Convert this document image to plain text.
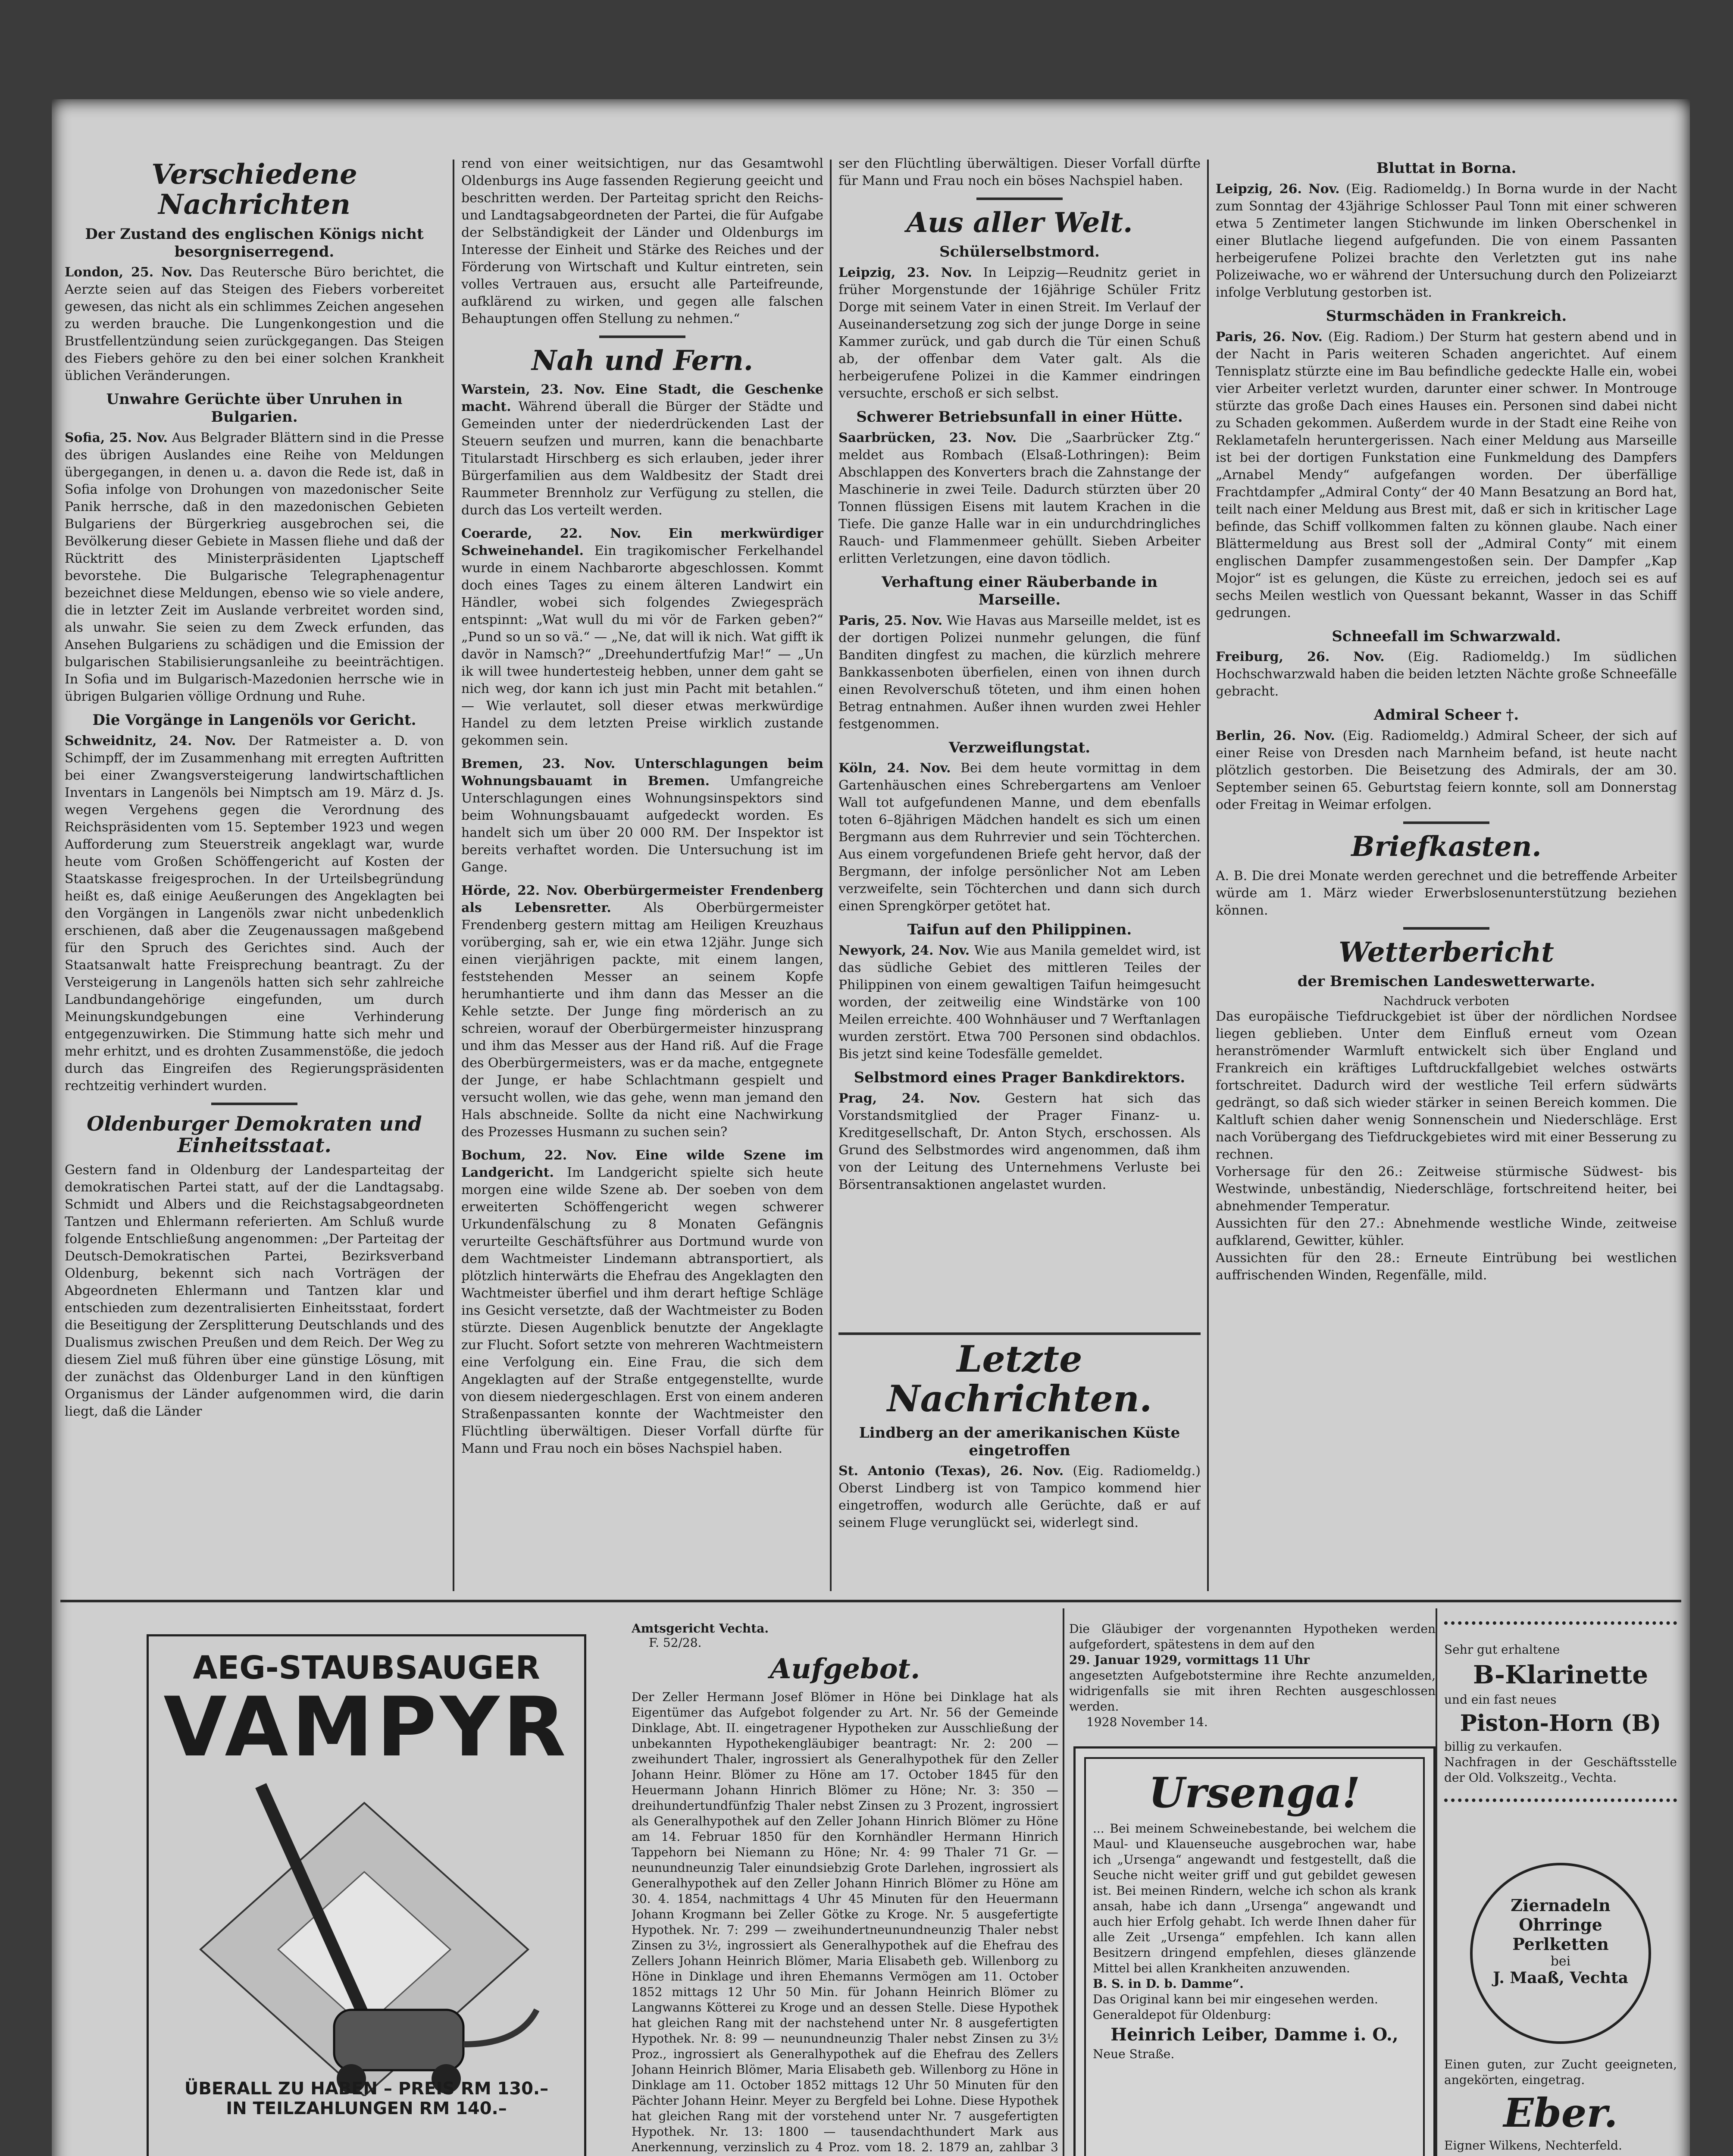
Verschiedene Nachrichten
Der Zustand des englischen Königs nicht besorgniserregend.

London, 25. Nov. Das Reutersche Büro berichtet, die Aerzte seien auf das Steigen des Fiebers vorbereitet gewesen, das nicht als ein schlimmes Zeichen angesehen zu werden brauche. Die Lungenkongestion und die Brustfellentzündung seien zurückgegangen. Das Steigen des Fiebers gehöre zu den bei einer solchen Krankheit üblichen Veränderungen.

Unwahre Gerüchte über Unruhen in Bulgarien.

Sofia, 25. Nov. Aus Belgrader Blättern sind in die Presse des übrigen Auslandes eine Reihe von Meldungen übergegangen, in denen u. a. davon die Rede ist, daß in Sofia infolge von Drohungen von mazedonischer Seite Panik herrsche, daß in den mazedonischen Gebieten Bulgariens der Bürgerkrieg ausgebrochen sei, die Bevölkerung dieser Gebiete in Massen fliehe und daß der Rücktritt des Ministerpräsidenten Ljaptscheff bevorstehe. Die Bulgarische Telegraphenagentur bezeichnet diese Meldungen, ebenso wie so viele andere, die in letzter Zeit im Auslande verbreitet worden sind, als unwahr. Sie seien zu dem Zweck erfunden, das Ansehen Bulgariens zu schädigen und die Emission der bulgarischen Stabilisierungsanleihe zu beeinträchtigen. In Sofia und im Bulgarisch-Mazedonien herrsche wie in übrigen Bulgarien völlige Ordnung und Ruhe.

Die Vorgänge in Langenöls vor Gericht.

Schweidnitz, 24. Nov. Der Ratmeister a. D. von Schimpff, der im Zusammenhang mit erregten Auftritten bei einer Zwangsversteigerung landwirtschaftlichen Inventars in Langenöls bei Nimptsch am 19. März d. Js. wegen Vergehens gegen die Verordnung des Reichspräsidenten vom 15. September 1923 und wegen Aufforderung zum Steuerstreik angeklagt war, wurde heute vom Großen Schöffengericht auf Kosten der Staatskasse freigesprochen. In der Urteilsbegründung heißt es, daß einige Aeußerungen des Angeklagten bei den Vorgängen in Langenöls zwar nicht unbedenklich erschienen, daß aber die Zeugenaussagen maßgebend für den Spruch des Gerichtes sind. Auch der Staatsanwalt hatte Freisprechung beantragt. Zu der Versteigerung in Langenöls hatten sich sehr zahlreiche Landbundangehörige eingefunden, um durch Meinungskundgebungen eine Verhinderung entgegenzuwirken. Die Stimmung hatte sich mehr und mehr erhitzt, und es drohten Zusammenstöße, die jedoch durch das Eingreifen des Regierungspräsidenten rechtzeitig verhindert wurden.

Oldenburger Demokraten und Einheitsstaat.

Gestern fand in Oldenburg der Landesparteitag der demokratischen Partei statt, auf der die Landtagsabg. Schmidt und Albers und die Reichstagsabgeordneten Tantzen und Ehlermann referierten. Am Schluß wurde folgende Entschließung angenommen: „Der Parteitag der Deutsch-Demokratischen Partei, Bezirksverband Oldenburg, bekennt sich nach Vorträgen der Abgeordneten Ehlermann und Tantzen klar und entschieden zum dezentralisierten Einheitsstaat, fordert die Beseitigung der Zersplitterung Deutschlands und des Dualismus zwischen Preußen und dem Reich. Der Weg zu diesem Ziel muß führen über eine günstige Lösung, mit der zunächst das Oldenburger Land in den künftigen Organismus der Länder aufgenommen wird, die darin liegt, daß die Länder

rend von einer weitsichtigen, nur das Gesamtwohl Oldenburgs ins Auge fassenden Regierung geeicht und beschritten werden. Der Parteitag spricht den Reichs- und Landtagsabgeordneten der Partei, die für Aufgabe der Selbständigkeit der Länder und Oldenburgs im Interesse der Einheit und Stärke des Reiches und der Förderung von Wirtschaft und Kultur eintreten, sein volles Vertrauen aus, ersucht alle Parteifreunde, aufklärend zu wirken, und gegen alle falschen Behauptungen offen Stellung zu nehmen.“

Nah und Fern.

Warstein, 23. Nov. Eine Stadt, die Geschenke macht. Während überall die Bürger der Städte und Gemeinden unter der niederdrückenden Last der Steuern seufzen und murren, kann die benachbarte Titularstadt Hirschberg es sich erlauben, jeder ihrer Bürgerfamilien aus dem Waldbesitz der Stadt drei Raummeter Brennholz zur Verfügung zu stellen, die durch das Los verteilt werden.

Coerarde, 22. Nov. Ein merkwürdiger Schweinehandel. Ein tragikomischer Ferkelhandel wurde in einem Nachbarorte abgeschlossen. Kommt doch eines Tages zu einem älteren Landwirt ein Händler, wobei sich folgendes Zwiegespräch entspinnt: „Wat wull du mi vör de Farken geben?“ „Pund so un so vä.“ — „Ne, dat will ik nich. Wat gifft ik davör in Namsch?“ „Dreehundertfufzig Mar!“ — „Un ik will twee hundertesteig hebben, unner dem gaht se nich weg, dor kann ich just min Pacht mit betahlen.“ — Wie verlautet, soll dieser etwas merkwürdige Handel zu dem letzten Preise wirklich zustande gekommen sein.

Bremen, 23. Nov. Unterschlagungen beim Wohnungsbauamt in Bremen. Umfangreiche Unterschlagungen eines Wohnungsinspektors sind beim Wohnungsbauamt aufgedeckt worden. Es handelt sich um über 20 000 RM. Der Inspektor ist bereits verhaftet worden. Die Untersuchung ist im Gange.

Hörde, 22. Nov. Oberbürgermeister Frendenberg als Lebensretter.	Als Oberbürgermeister Frendenberg gestern mittag am Heiligen Kreuzhaus vorüberging, sah er, wie ein etwa 12jähr. Junge sich einen vierjährigen packte, mit einem langen, feststehenden Messer an seinem Kopfe herumhantierte und ihm dann das Messer an die Kehle setzte. Der Junge fing mörderisch an zu schreien, worauf der Oberbürgermeister hinzusprang und ihm das Messer aus der Hand riß. Auf die Frage des Oberbürgermeisters, was er da mache, entgegnete der Junge, er habe Schlachtmann gespielt und versucht wollen, wie das gehe, wenn man jemand den Hals abschneide. Sollte da nicht eine Nachwirkung des Prozesses Husmann zu suchen sein?

Bochum, 22. Nov. Eine wilde Szene im Landgericht. Im Landgericht spielte sich heute morgen eine wilde Szene ab. Der soeben von dem erweiterten Schöffengericht wegen schwerer Urkundenfälschung zu 8 Monaten Gefängnis verurteilte Geschäftsführer aus Dortmund wurde von dem Wachtmeister Lindemann abtransportiert, als plötzlich hinterwärts die Ehefrau des Angeklagten den Wachtmeister überfiel und ihm derart heftige Schläge ins Gesicht versetzte, daß der Wachtmeister zu Boden stürzte. Diesen Augenblick benutzte der Angeklagte zur Flucht. Sofort setzte von mehreren Wachtmeistern eine Verfolgung ein. Eine Frau, die sich dem Angeklagten auf der Straße entgegenstellte, wurde von diesem niedergeschlagen. Erst von einem anderen Straßenpassanten konnte der Wachtmeister den Flüchtling überwältigen. Dieser Vorfall dürfte für Mann und Frau noch ein böses Nachspiel haben.

ser den Flüchtling überwältigen. Dieser Vorfall dürfte für Mann und Frau noch ein böses Nachspiel haben.

Aus aller Welt.
Schülerselbstmord.

Leipzig, 23. Nov. In Leipzig—Reudnitz geriet in früher Morgenstunde der 16jährige Schüler Fritz Dorge mit seinem Vater in einen Streit. Im Verlauf der Auseinandersetzung zog sich der junge Dorge in seine Kammer zurück, und gab durch die Tür einen Schuß ab, der offenbar dem Vater galt. Als die herbeigerufene Polizei in die Kammer eindringen versuchte, erschoß er sich selbst.

Schwerer Betriebsunfall in einer Hütte.

Saarbrücken, 23. Nov. Die „Saarbrücker Ztg.“ meldet aus Rombach (Elsaß-Lothringen): Beim Abschlappen des Konverters brach die Zahnstange der Maschinerie in zwei Teile. Dadurch stürzten über 20 Tonnen flüssigen Eisens mit lautem Krachen in die Tiefe. Die ganze Halle war in ein undurchdringliches Rauch- und Flammenmeer gehüllt. Sieben Arbeiter erlitten Verletzungen, eine davon tödlich.

Verhaftung einer Räuberbande in Marseille.

Paris, 25. Nov. Wie Havas aus Marseille meldet, ist es der dortigen Polizei nunmehr gelungen, die fünf Banditen dingfest zu machen, die kürzlich mehrere Bankkassenboten überfielen, einen von ihnen durch einen Revolverschuß töteten, und ihm einen hohen Betrag entnahmen. Außer ihnen wurden zwei Hehler festgenommen.

Verzweiflungstat.

Köln, 24. Nov. Bei dem heute vormittag in dem Gartenhäuschen eines Schrebergartens am Venloer Wall tot aufgefundenen Manne, und dem ebenfalls toten 6–8jährigen Mädchen handelt es sich um einen Bergmann aus dem Ruhrrevier und sein Töchterchen. Aus einem vorgefundenen Briefe geht hervor, daß der Bergmann, der infolge persönlicher Not am Leben verzweifelte, sein Töchterchen und dann sich durch einen Sprengkörper getötet hat.

Taifun auf den Philippinen.

Newyork, 24. Nov. Wie aus Manila gemeldet wird, ist das südliche Gebiet des mittleren Teiles der Philippinen von einem gewaltigen Taifun heimgesucht worden, der zeitweilig eine Windstärke von 100 Meilen erreichte. 400 Wohnhäuser und 7 Werftanlagen wurden zerstört. Etwa 700 Personen sind obdachlos. Bis jetzt sind keine Todesfälle gemeldet.

Selbstmord eines Prager Bankdirektors.

Prag, 24. Nov. Gestern hat sich das Vorstandsmitglied der Prager Finanz- u. Kreditgesellschaft, Dr. Anton Stych, erschossen. Als Grund des Selbstmordes wird angenommen, daß ihm von der Leitung des Unternehmens Verluste bei Börsentransaktionen angelastet wurden.

Letzte Nachrichten.
Lindberg an der amerikanischen Küste eingetroffen

St. Antonio (Texas), 26. Nov. (Eig. Radiomeldg.) Oberst Lindberg ist von Tampico kommend hier eingetroffen, wodurch alle Gerüchte, daß er auf seinem Fluge verunglückt sei, widerlegt sind.

Bluttat in Borna.

Leipzig, 26. Nov. (Eig. Radiomeldg.) In Borna wurde in der Nacht zum Sonntag der 43jährige Schlosser Paul Tonn mit einer schweren etwa 5 Zentimeter langen Stichwunde im linken Oberschenkel in einer Blutlache liegend aufgefunden. Die von einem Passanten herbeigerufene Polizei brachte den Verletzten gut ins nahe Polizeiwache, wo er während der Untersuchung durch den Polizeiarzt infolge Verblutung gestorben ist.

Sturmschäden in Frankreich.

Paris, 26. Nov. (Eig. Radiom.) Der Sturm hat gestern abend und in der Nacht in Paris weiteren Schaden angerichtet. Auf einem Tennisplatz stürzte eine im Bau befindliche gedeckte Halle ein, wobei vier Arbeiter verletzt wurden, darunter einer schwer. In Montrouge stürzte das große Dach eines Hauses ein. Personen sind dabei nicht zu Schaden gekommen. Außerdem wurde in der Stadt eine Reihe von Reklametafeln heruntergerissen. Nach einer Meldung aus Marseille ist bei der dortigen Funkstation eine Funkmeldung des Dampfers „Arnabel Mendy“ aufgefangen worden. Der überfällige Frachtdampfer „Admiral Conty“ der 40 Mann Besatzung an Bord hat, teilt nach einer Meldung aus Brest mit, daß er sich in kritischer Lage befinde, das Schiff vollkommen falten zu können glaube. Nach einer Blättermeldung aus Brest soll der „Admiral Conty“ mit einem englischen Dampfer zusammengestoßen sein. Der Dampfer „Kap Mojor“ ist es gelungen, die Küste zu erreichen, jedoch sei es auf sechs Meilen westlich von Quessant bekannt, Wasser in das Schiff gedrungen.

Schneefall im Schwarzwald.

Freiburg, 26. Nov. (Eig. Radiomeldg.) Im südlichen Hochschwarzwald haben die beiden letzten Nächte große Schneefälle gebracht.

Admiral Scheer †.

Berlin, 26. Nov. (Eig. Radiomeldg.) Admiral Scheer, der sich auf einer Reise von Dresden nach Marnheim befand, ist heute nacht plötzlich gestorben. Die Beisetzung des Admirals, der am 30. September seinen 65. Geburtstag feiern konnte, soll am Donnerstag oder Freitag in Weimar erfolgen.

Briefkasten.

A. B. Die drei Monate werden gerechnet und die betreffende Arbeiter würde am 1. März wieder Erwerbslosenunterstützung beziehen können.

Wetterbericht
der Bremischen Landeswetterwarte.
Nachdruck verboten

Das europäische Tiefdruckgebiet ist über der nördlichen Nordsee liegen geblieben. Unter dem Einfluß erneut vom Ozean heranströmender Warmluft entwickelt sich über England und Frankreich ein kräftiges Luftdruckfallgebiet welches ostwärts fortschreitet. Dadurch wird der westliche Teil erfern südwärts gedrängt, so daß sich wieder stärker in seinen Bereich kommen. Die Kaltluft schien daher wenig Sonnenschein und Niederschläge. Erst nach Vorübergang des Tiefdruckgebietes wird mit einer Besserung zu rechnen.

Vorhersage für den 26.: Zeitweise stürmische Südwest- bis Westwinde, unbeständig, Niederschläge, fortschreitend heiter, bei abnehmender Temperatur.

Aussichten für den 27.: Abnehmende westliche Winde, zeitweise aufklarend, Gewitter, kühler.

Aussichten für den 28.: Erneute Eintrübung bei westlichen auffrischenden Winden, Regenfälle, mild.

AEG-STAUBSAUGER
VAMPYR
ÜBERALL ZU HABEN – PREIS RM 130.–
IN TEILZAHLUNGEN RM 140.–
Amtsgericht Vechta.
F. 52/28.
Aufgebot.

Der Zeller Hermann Josef Blömer in Höne bei Dinklage hat als Eigentümer das Aufgebot folgender zu Art. Nr. 56 der Gemeinde Dinklage, Abt. II. eingetragener Hypotheken zur Ausschließung der unbekannten Hypothekengläubiger beantragt: Nr. 2: 200 — zweihundert Thaler, ingrossiert als Generalhypothek für den Zeller Johann Heinr. Blömer zu Höne am 17. October 1845 für den Heuermann Johann Hinrich Blömer zu Höne; Nr. 3: 350 — dreihundertundfünfzig Thaler nebst Zinsen zu 3 Prozent, ingrossiert als Generalhypothek auf den Zeller Johann Hinrich Blömer zu Höne am 14. Februar 1850 für den Kornhändler Hermann Hinrich Tappehorn bei Niemann zu Höne; Nr. 4: 99 Thaler 71 Gr. — neunundneunzig Taler einundsiebzig Grote Darlehen, ingrossiert als Generalhypothek auf den Zeller Johann Hinrich Blömer zu Höne am 30. 4. 1854, nachmittags 4 Uhr 45 Minuten für den Heuermann Johann Krogmann bei Zeller Götke zu Kroge. Nr. 5 ausgefertigte Hypothek. Nr. 7: 299 — zweihundertneunundneunzig Thaler nebst Zinsen zu 3½, ingrossiert als Generalhypothek auf die Ehefrau des Zellers Johann Heinrich Blömer, Maria Elisabeth geb. Willenborg zu Höne in Dinklage und ihren Ehemanns Vermögen am 11. October 1852 mittags 12 Uhr 50 Min. für Johann Heinrich Blömer zu Langwanns Kötterei zu Kroge und an dessen Stelle. Diese Hypothek hat gleichen Rang mit der nachstehend unter Nr. 8 ausgefertigten Hypothek. Nr. 8: 99 — neunundneunzig Thaler nebst Zinsen zu 3½ Proz., ingrossiert als Generalhypothek auf die Ehefrau des Zellers Johann Heinrich Blömer, Maria Elisabeth geb. Willenborg zu Höne in Dinklage am 11. October 1852 mittags 12 Uhr 50 Minuten für den Pächter Johann Heinr. Meyer zu Bergfeld bei Lohne. Diese Hypothek hat gleichen Rang mit der vorstehend unter Nr. 7 ausgefertigten Hypothek. Nr. 13: 1800 — tausendachthundert Mark aus Anerkennung, verzinslich zu 4 Proz. vom 18. 2. 1879 an, zahlbar 3

Die Gläubiger der vorgenannten Hypotheken werden aufgefordert, spätestens in dem auf den

29. Januar 1929, vormittags 11 Uhr

angesetzten Aufgebotstermine ihre Rechte anzumelden, widrigenfalls sie mit ihren Rechten ausgeschlossen werden.

1928 November 14.

Ursenga!

... Bei meinem Schweinebestande, bei welchem die Maul- und Klauenseuche ausgebrochen war, habe ich „Ursenga“ angewandt und festgestellt, daß die Seuche nicht weiter griff und gut gebildet gewesen ist. Bei meinen Rindern, welche ich schon als krank ansah, habe ich dann „Ursenga“ angewandt und auch hier Erfolg gehabt. Ich werde Ihnen daher für alle Zeit „Ursenga“ empfehlen. Ich kann allen Besitzern dringend empfehlen, dieses glänzende Mittel bei allen Krankheiten anzuwenden.

B. S. in D. b. Damme“.

Das Original kann bei mir eingesehen werden.

Generaldepot für Oldenburg:

Heinrich Leiber, Damme i. O.,

Neue Straße.

Sehr gut erhaltene

B-Klarinette

und ein fast neues

Piston-Horn (B)

billig zu verkaufen.

Nachfragen in der Geschäftsstelle der Old. Volkszeitg., Vechta.

Ziernadeln
Ohrringe
Perlketten
bei
J. Maaß, Vechta

Einen guten, zur Zucht geeigneten, angekörten, eingetrag.

Eber.

Eigner Wilkens, Nechterfeld.
